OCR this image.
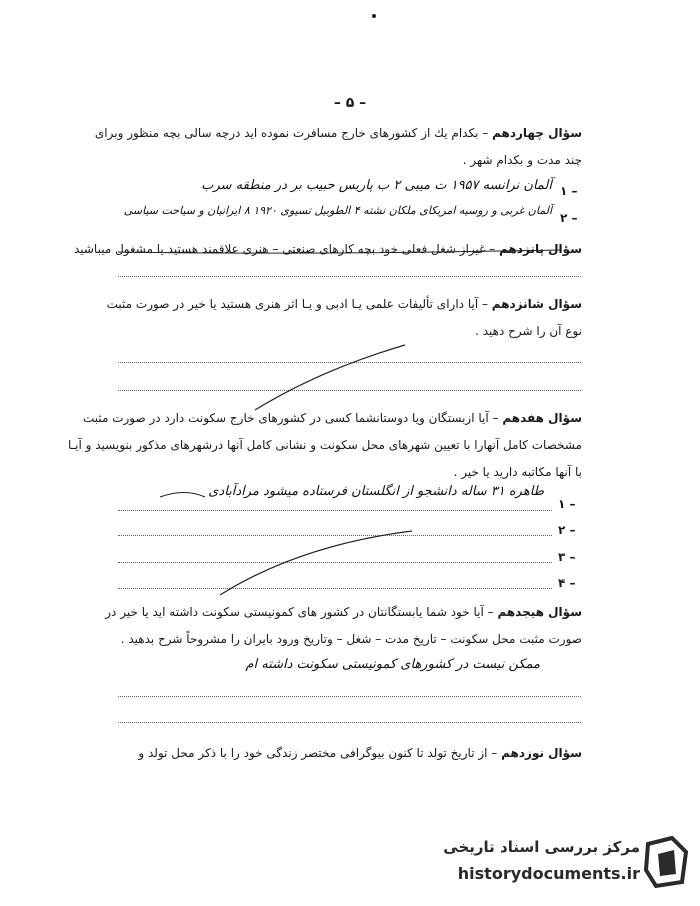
– ۵ –
سؤال چهاردهم – بکدام یك از کشورهای خارج مسافرت نموده اید درچه سالی بچه منظور وبرای
چند مدت و بکدام شهر .
۱ –
آلمان نرانسه ۱۹۵۷ ت میبی ۲ ب پاریس حبیب بر در منطقه سرب
۲ –
آلمان غربی و روسیه امریکای ملکان نشته ۴ الطوبیل تسیوی ۱۹۲۰ ۸ ایرانیان و سیاحت سیاسی
سؤال پانزدهم – غیراز شغل فعلی خود بچه کارهای صنعتی – هنری علاقمند هستید یا مشغول میباشید
سؤال شانزدهم – آیا دارای تألیفات علمی یـا ادبی و یـا اثر هنری هستید یا خیر در صورت مثبت
نوع آن را شرح دهید .
سؤال هفدهم – آیا ازبستگان ویا دوستانشما کسی در کشورهای خارج سکونت دارد در صورت مثبت
مشخصات کامل آنهارا با تعیین شهرهای محل سکونت و نشانی کامل آنها درشهرهای مذکور بنویسید و آیـا
با آنها مکاتبه دارید یا خیر .
۱ –
طاهره ۳۱ ساله دانشجو از انگلستان فرستاده میشود مرادآبادی
۲ –
۳ –
۴ –
سؤال هیجدهم – آیا خود شما یابستگانتان در کشور های کمونیستی سکونت داشته اید یا خیر در
صورت مثبت محل سکونت – تاریخ مدت – شغل – وتاریخ ورود بایران را مشروحاً شرح بدهید .
ممکن نیست در کشورهای کمونیستی سکونت داشته ام
سؤال نوزدهم – از تاریخ تولد تا کنون بیوگرافی مختصر زندگی خود را با ذکر محل تولد و
مرکز بررسی اسناد تاریخی
historydocuments.ir
